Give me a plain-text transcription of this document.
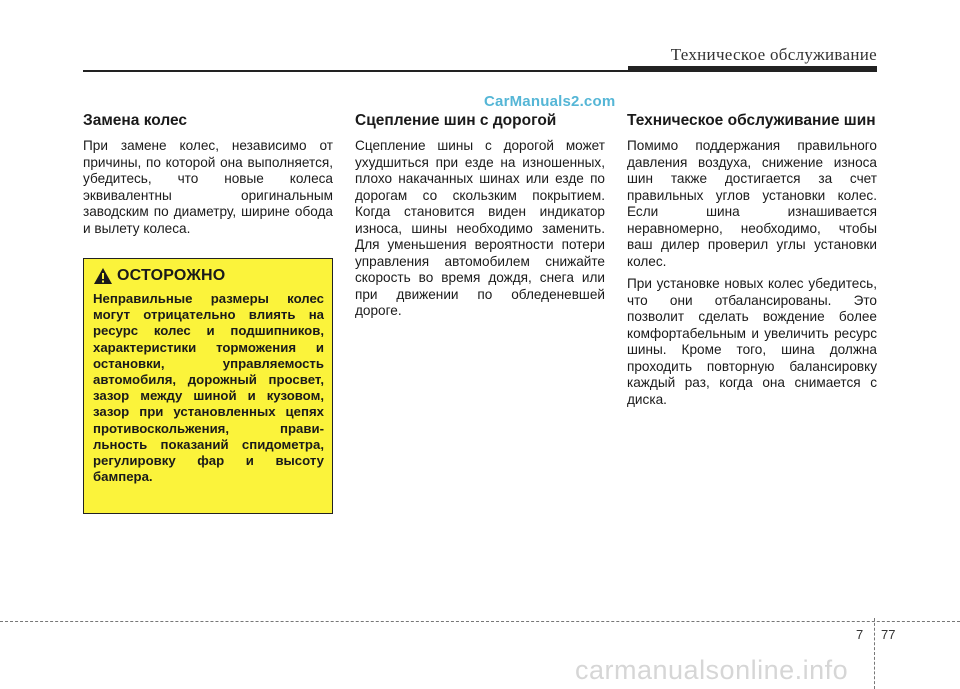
Техническое обслуживание
CarManuals2.com
Замена колес

При замене колес, независимо от причины, по которой она выполняется, убедитесь, что новые колеса эквивалентны оригинальным заводским по диаметру, ширине обода и вылету колеса.

ОСТОРОЖНО

Неправильные размеры колес могут отрицательно влиять на ресурс колес и подшипников, характеристики торможения и остановки, управляемость автомобиля, дорожный просвет, зазор между шиной и кузовом, зазор при установленных цепях противоскольжения, правильность показаний спидометра, регулировку фар и высоту бампера.

Сцепление шин с дорогой

Сцепление шины с дорогой может ухудшиться при езде на изношенных, плохо накачанных шинах или езде по дорогам со скользким покрытием. Когда становится виден индикатор износа, шины необходимо заменить. Для уменьшения вероятности потери управления автомобилем снижайте скорость во время дождя, снега или при движении по обледеневшей дороге.

Техническое обслуживание шин

Помимо поддержания правильного давления воздуха, снижение износа шин также достигается за счет правильных углов установки колес. Если шина изнашивается неравномерно, необходимо, чтобы ваш дилер проверил углы установки колес.

При установке новых колес убедитесь, что они отбалансированы. Это позволит сделать вождение более комфортабельным и увеличить ресурс шины. Кроме того, шина должна проходить повторную балансировку каждый раз, когда она снимается с диска.

7 77
carmanualsonline.info
